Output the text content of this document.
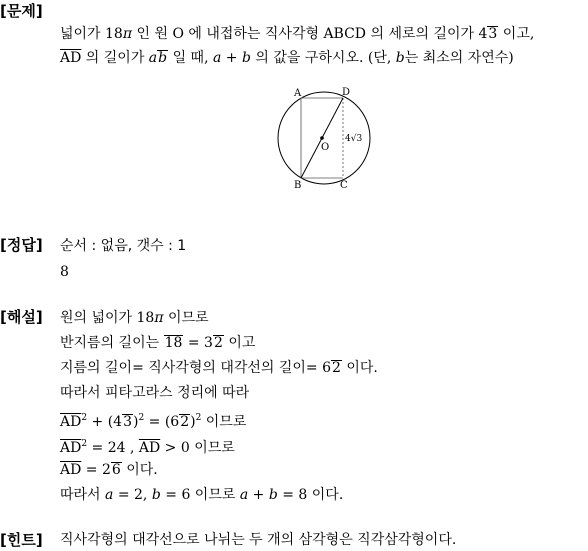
[문제]
넓이가 18π 인 원 O 에 내접하는 직사각형 ABCD 의 세로의 길이가 43 이고,
$\overline{AD}$ 의 길이가 ab 일 때, a + b 의 값을 구하시오. (단, b는 최소의 자연수)
A	D
B	C
O
4√3
[정답] 순서 : 없음, 갯수 : 1
8
[해설] 원의 넓이가 18π 이므로
반지름의 길이는 18 = 32 이고
지름의 길이= 직사각형의 대각선의 길이= 62 이다.
따라서 피타고라스 정리에 따라
$\overline{AD}^2 + (43)^2 = (62)^2$ 이므로
$\overline{AD}^2 = 24$ , $\overline{AD} > 0$ 이므로
$\overline{AD} = 26$ 이다.
따라서 a = 2, b = 6 이므로 a + b = 8 이다.
[힌트] 직사각형의 대각선으로 나뉘는 두 개의 삼각형은 직각삼각형이다.
